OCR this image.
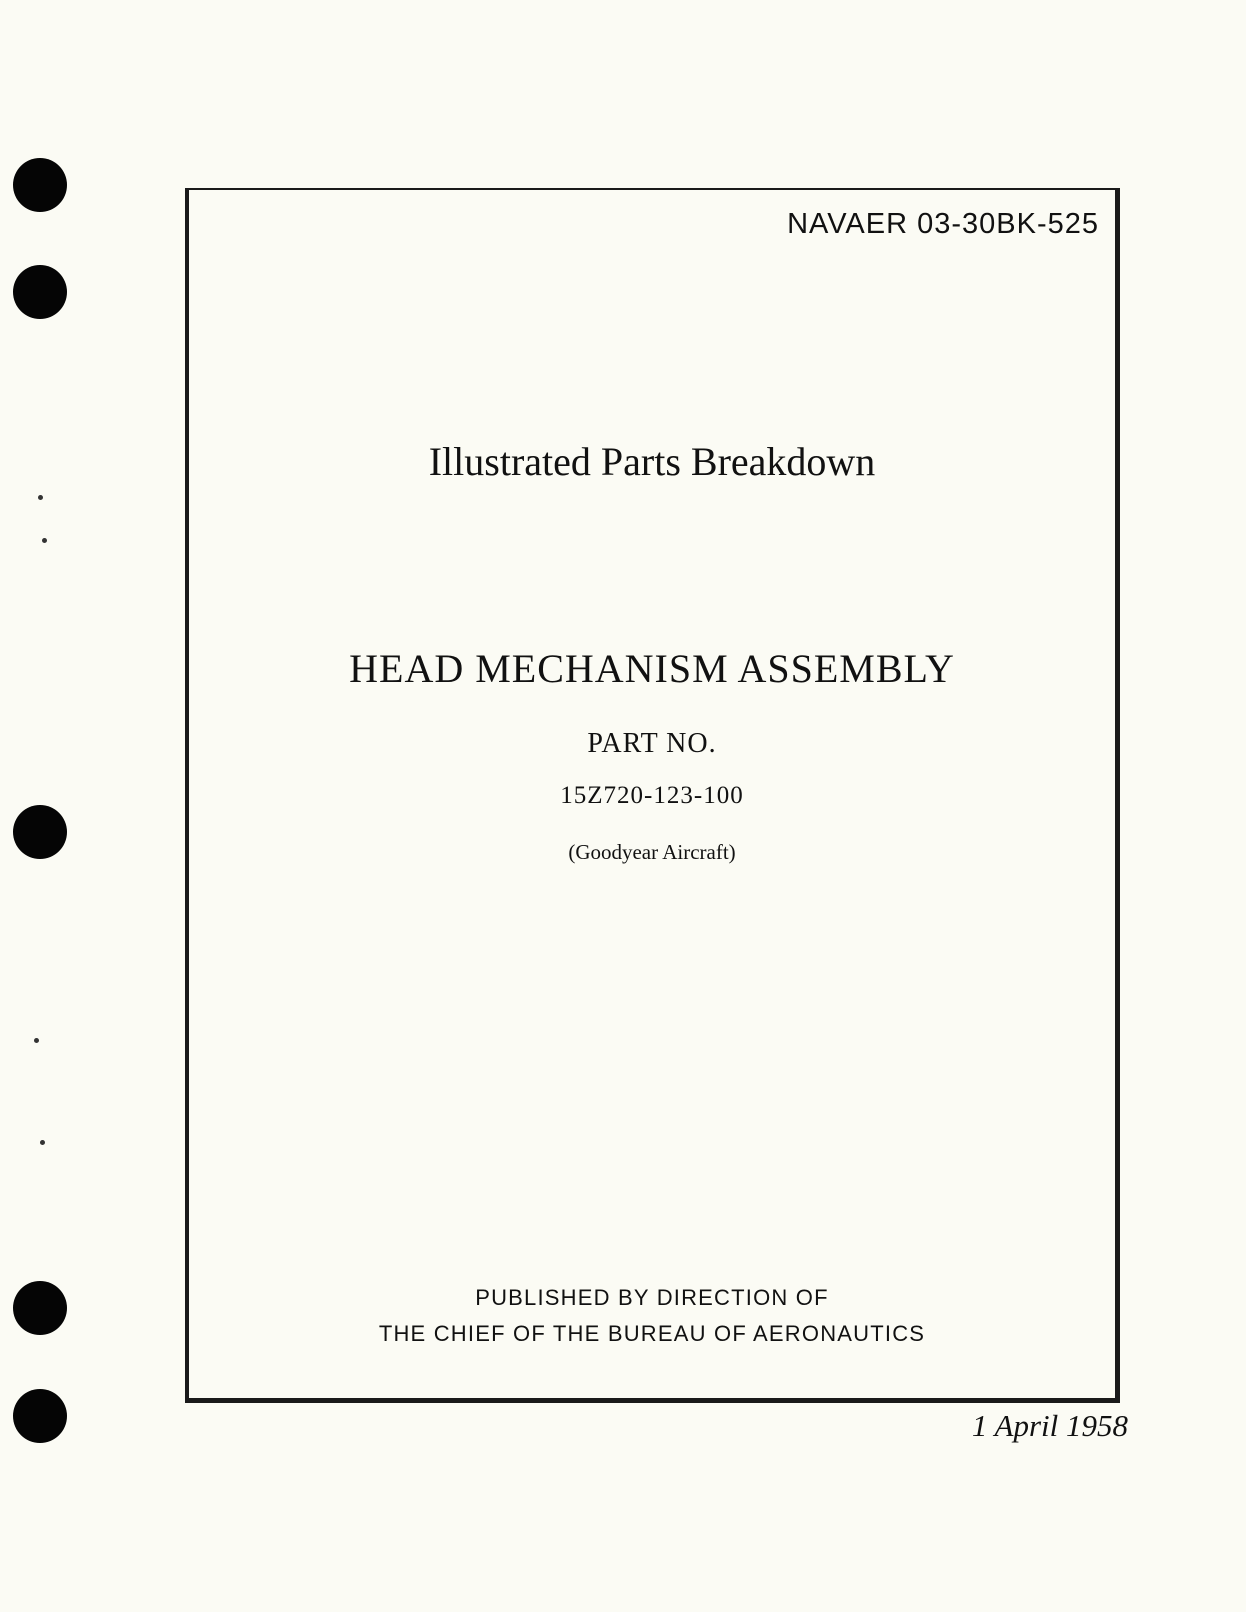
NAVAER 03-30BK-525
Illustrated Parts Breakdown
HEAD MECHANISM ASSEMBLY
PART NO.
15Z720-123-100
(Goodyear Aircraft)
PUBLISHED BY DIRECTION OF
THE CHIEF OF THE BUREAU OF AERONAUTICS
1 April 1958
